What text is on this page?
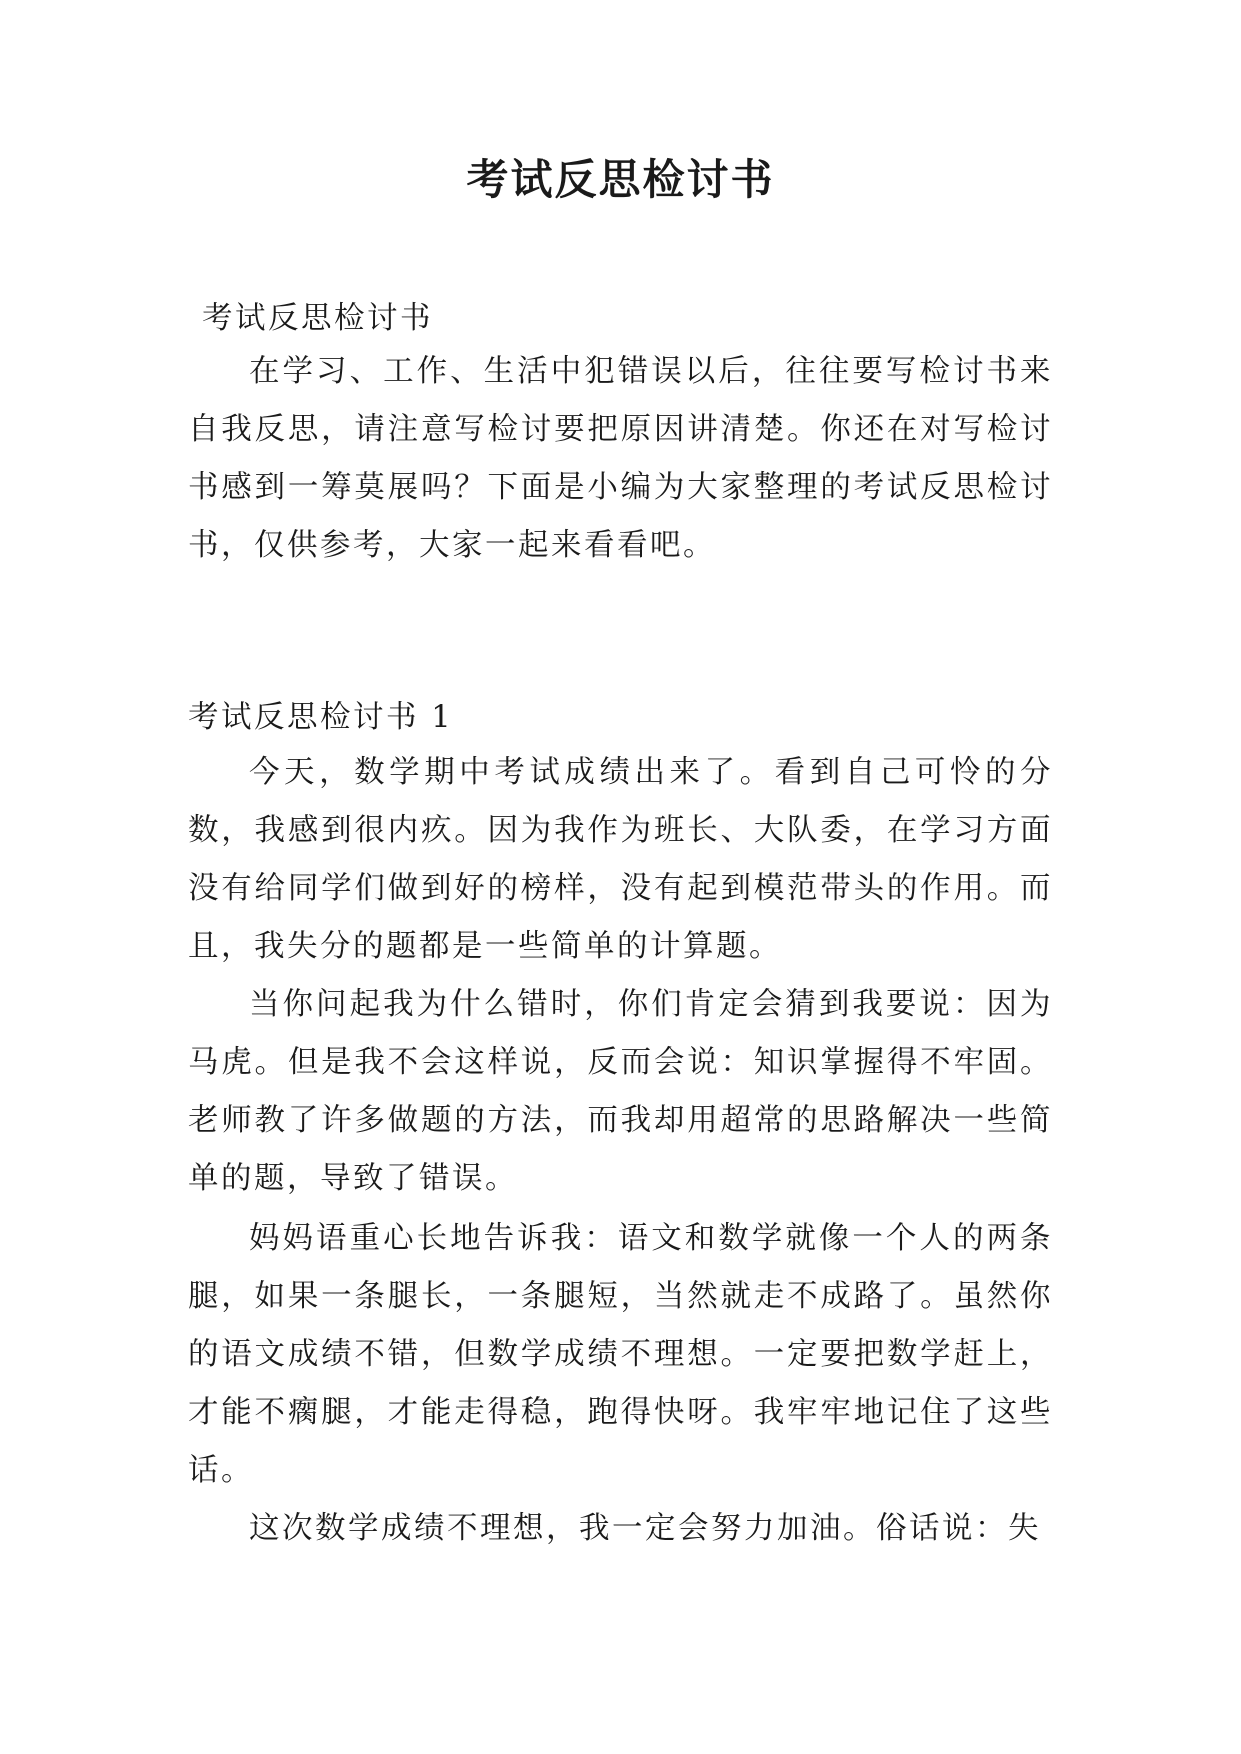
考试反思检讨书

考试反思检讨书

在学习、工作、生活中犯错误以后，往往要写检讨书来自我反思，请注意写检讨要把原因讲清楚。你还在对写检讨书感到一筹莫展吗？下面是小编为大家整理的考试反思检讨书，仅供参考，大家一起来看看吧。

考试反思检讨书 1

今天，数学期中考试成绩出来了。看到自己可怜的分数，我感到很内疚。因为我作为班长、大队委，在学习方面没有给同学们做到好的榜样，没有起到模范带头的作用。而且，我失分的题都是一些简单的计算题。

当你问起我为什么错时，你们肯定会猜到我要说：因为马虎。但是我不会这样说，反而会说：知识掌握得不牢固。老师教了许多做题的方法，而我却用超常的思路解决一些简单的题，导致了错误。

妈妈语重心长地告诉我：语文和数学就像一个人的两条腿，如果一条腿长，一条腿短，当然就走不成路了。虽然你的语文成绩不错，但数学成绩不理想。一定要把数学赶上，才能不瘸腿，才能走得稳，跑得快呀。我牢牢地记住了这些话。

这次数学成绩不理想，我一定会努力加油。俗话说：失
